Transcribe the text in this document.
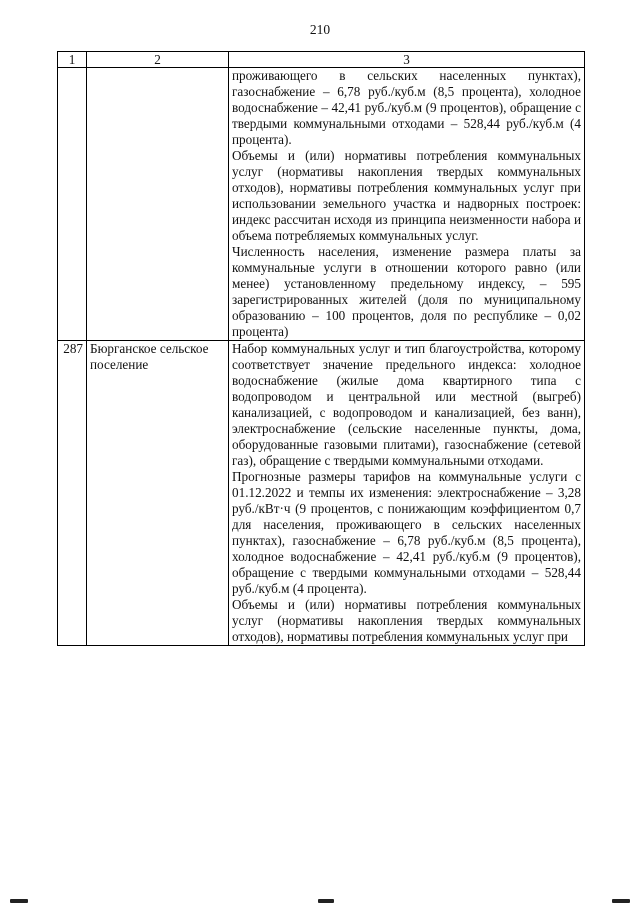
210
1	2	3

		проживающего в сельских населенных пунктах), газоснабжение – 6,78 руб./куб.м (8,5 процента), холодное водоснабжение – 42,41 руб./куб.м (9 процентов), обращение с твердыми коммунальными отходами – 528,44 руб./куб.м (4 процента).

Объемы и (или) нормативы потребления коммунальных услуг (нормативы накопления твердых коммунальных отходов), нормативы потребления коммунальных услуг при использовании земельного участка и надворных построек: индекс рассчитан исходя из принципа неизменности набора и объема потребляемых коммунальных услуг.

Численность населения, изменение размера платы за коммунальные услуги в отношении которого равно (или менее) установленному предельному индексу, – 595 зарегистрированных жителей (доля по муниципальному образованию – 100 процентов, доля по республике – 0,02 процента)

287	Бюрганское сельское поселение	Набор коммунальных услуг и тип благоустройства, которому соответствует значение предельного индекса: холодное водоснабжение (жилые дома квартирного типа с водопроводом и центральной или местной (выгреб) канализацией, с водопроводом и канализацией, без ванн), электроснабжение (сельские населенные пункты, дома, оборудованные газовыми плитами), газоснабжение (сетевой газ), обращение с твердыми коммунальными отходами.

Прогнозные размеры тарифов на коммунальные услуги с 01.12.2022 и темпы их изменения: электроснабжение – 3,28 руб./кВт·ч (9 процентов, с понижающим коэффициентом 0,7 для населения, проживающего в сельских населенных пунктах), газоснабжение – 6,78 руб./куб.м (8,5 процента), холодное водоснабжение – 42,41 руб./куб.м (9 процентов), обращение с твердыми коммунальными отходами – 528,44 руб./куб.м (4 процента).

Объемы и (или) нормативы потребления коммунальных услуг (нормативы накопления твердых коммунальных отходов), нормативы потребления коммунальных услуг при
